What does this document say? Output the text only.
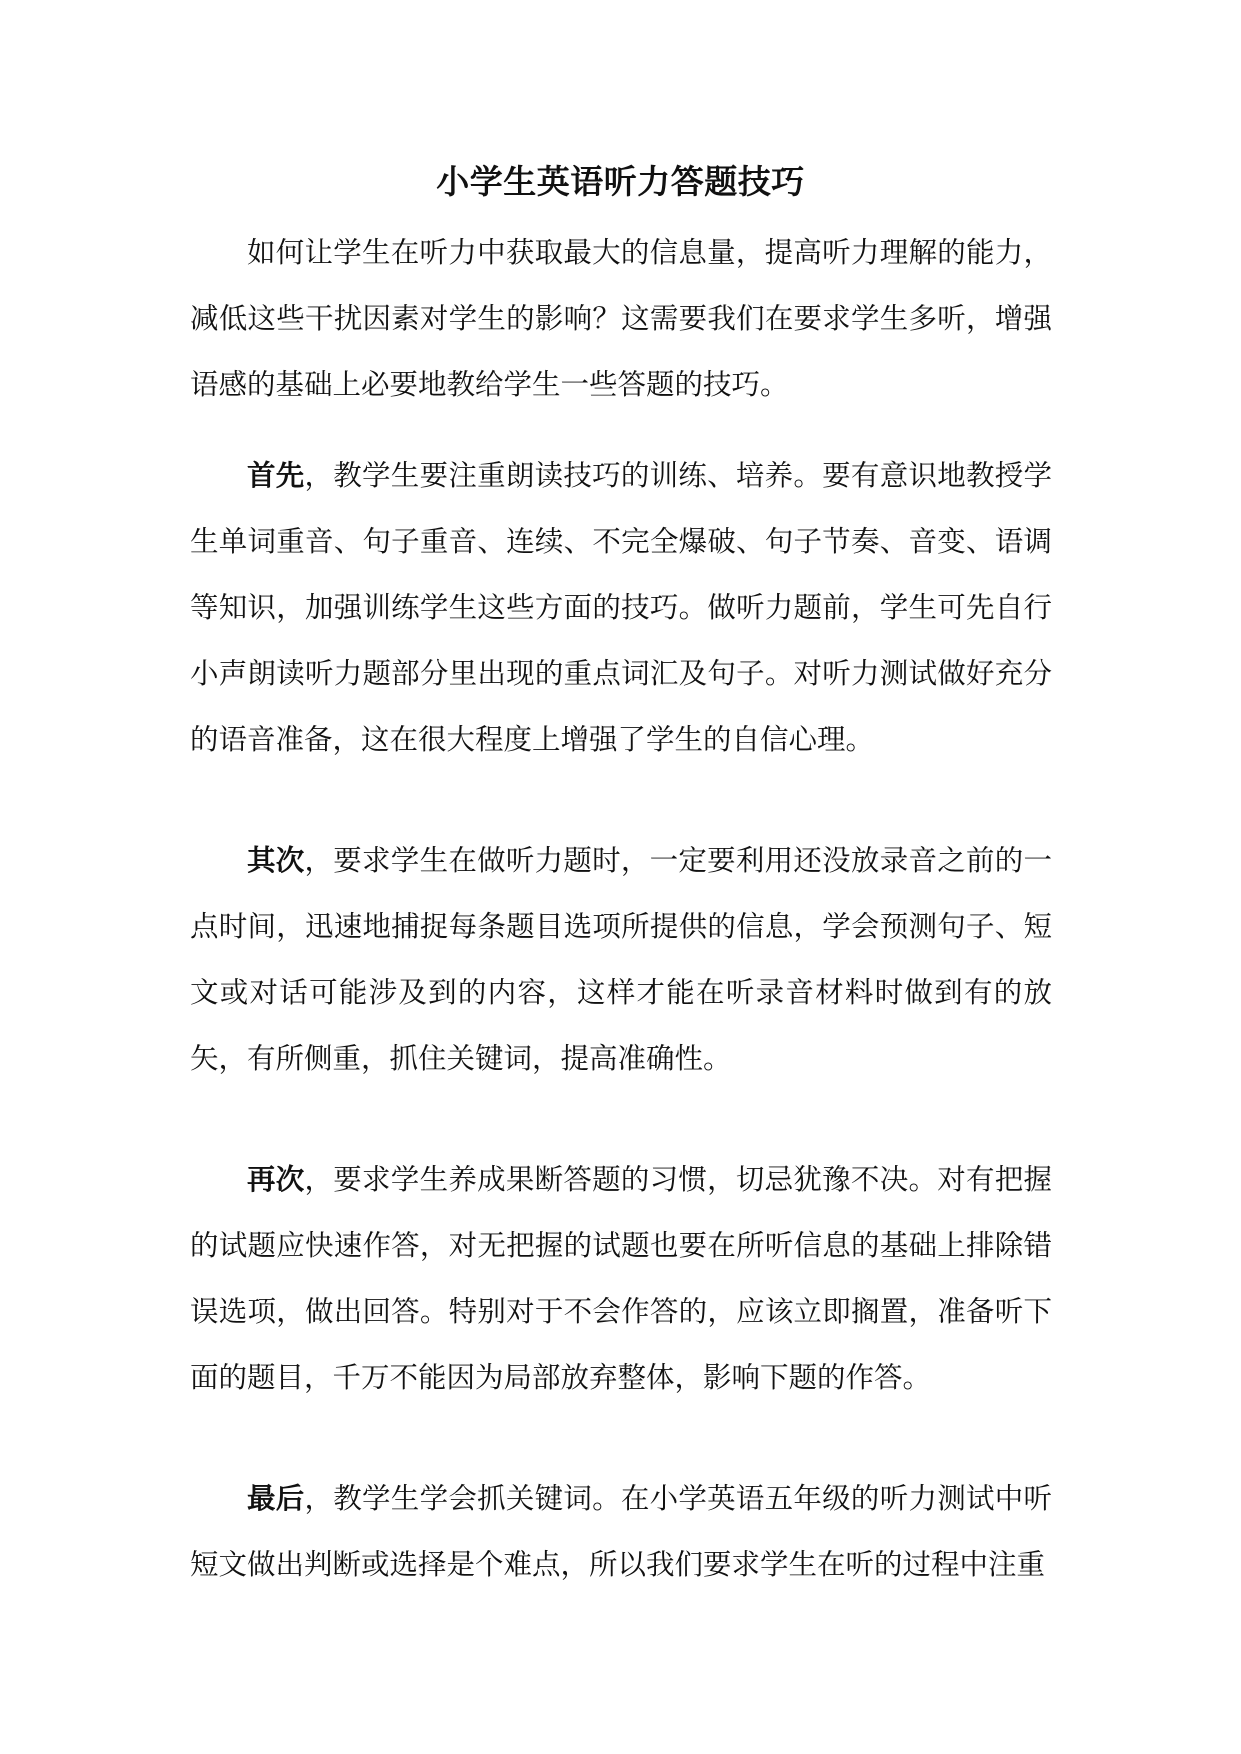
小学生英语听力答题技巧

如何让学生在听力中获取最大的信息量，提高听力理解的能力，减低这些干扰因素对学生的影响？这需要我们在要求学生多听，增强语感的基础上必要地教给学生一些答题的技巧。

首先，教学生要注重朗读技巧的训练、培养。要有意识地教授学生单词重音、句子重音、连续、不完全爆破、句子节奏、音变、语调等知识，加强训练学生这些方面的技巧。做听力题前，学生可先自行小声朗读听力题部分里出现的重点词汇及句子。对听力测试做好充分的语音准备，这在很大程度上增强了学生的自信心理。

其次，要求学生在做听力题时，一定要利用还没放录音之前的一点时间，迅速地捕捉每条题目选项所提供的信息，学会预测句子、短文或对话可能涉及到的内容，这样才能在听录音材料时做到有的放矢，有所侧重，抓住关键词，提高准确性。

再次，要求学生养成果断答题的习惯，切忌犹豫不决。对有把握的试题应快速作答，对无把握的试题也要在所听信息的基础上排除错误选项，做出回答。特别对于不会作答的，应该立即搁置，准备听下面的题目，千万不能因为局部放弃整体，影响下题的作答。

最后，教学生学会抓关键词。在小学英语五年级的听力测试中听短文做出判断或选择是个难点，所以我们要求学生在听的过程中注重
